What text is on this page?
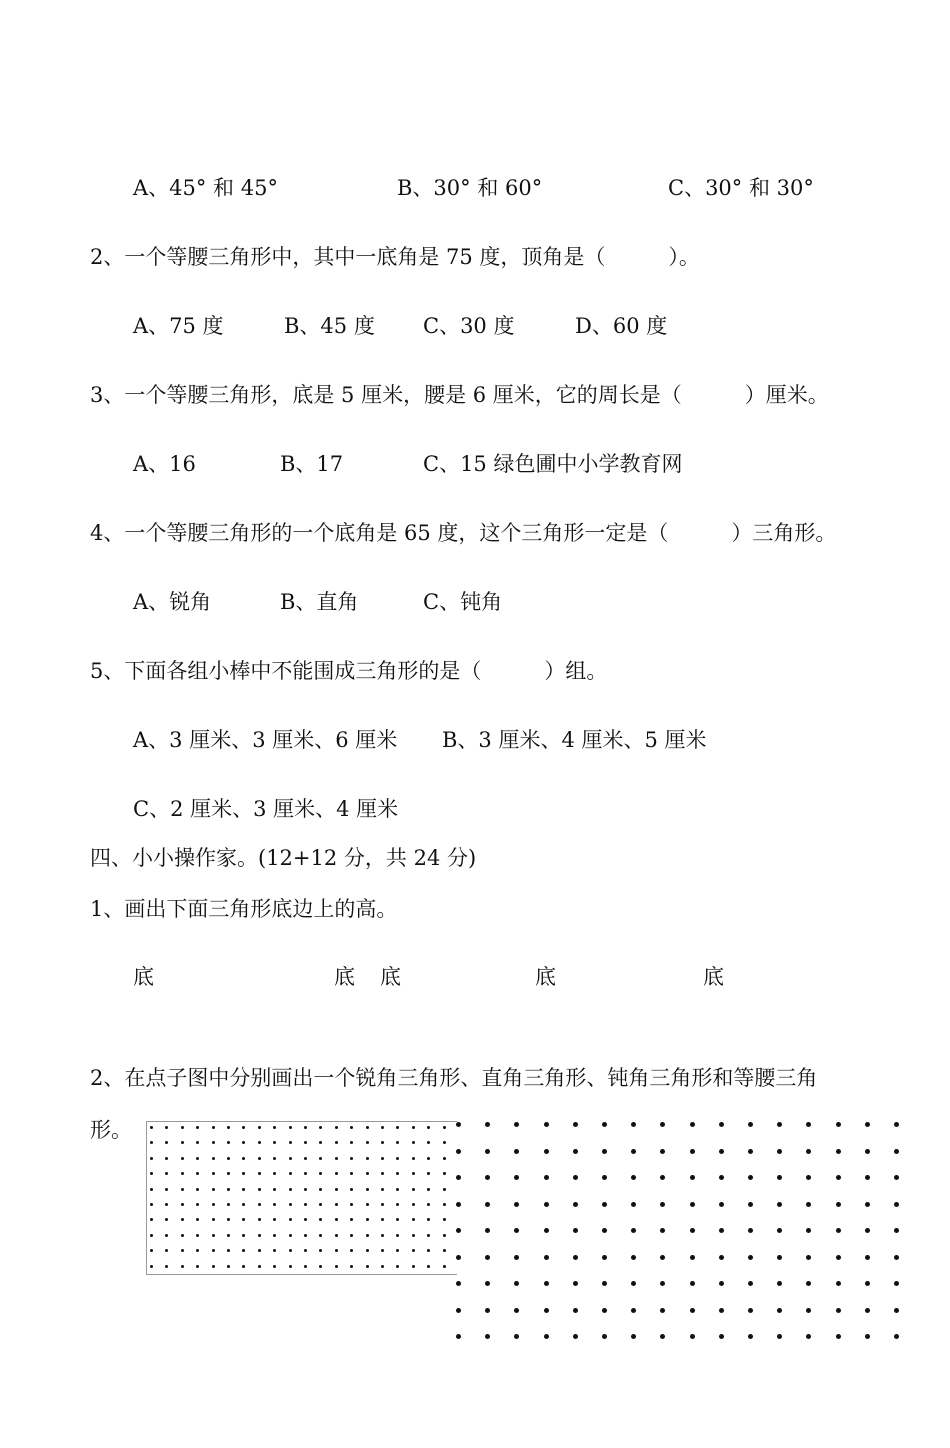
A、45° 和 45°	B、30° 和 60°	C、30° 和 30°
2、一个等腰三角形中，其中一底角是 75 度，顶角是（　　　）。
A、75 度	B、45 度 C、30 度	D、60 度
3、一个等腰三角形，底是 5 厘米，腰是 6 厘米，它的周长是（　　　）厘米。
A、16	B、17	C、15 绿色圃中小学教育网
4、一个等腰三角形的一个底角是 65 度，这个三角形一定是（　　　）三角形。
A、锐角	B、直角	C、钝角
5、下面各组小棒中不能围成三角形的是（　　　）组。
A、3 厘米、3 厘米、6 厘米 B、3 厘米、4 厘米、5 厘米
C、2 厘米、3 厘米、4 厘米
四、小小操作家。(12+12 分，共 24 分)
1、画出下面三角形底边上的高。
底	底 底	底	底
2、在点子图中分别画出一个锐角三角形、直角三角形、钝角三角形和等腰三角
形。
